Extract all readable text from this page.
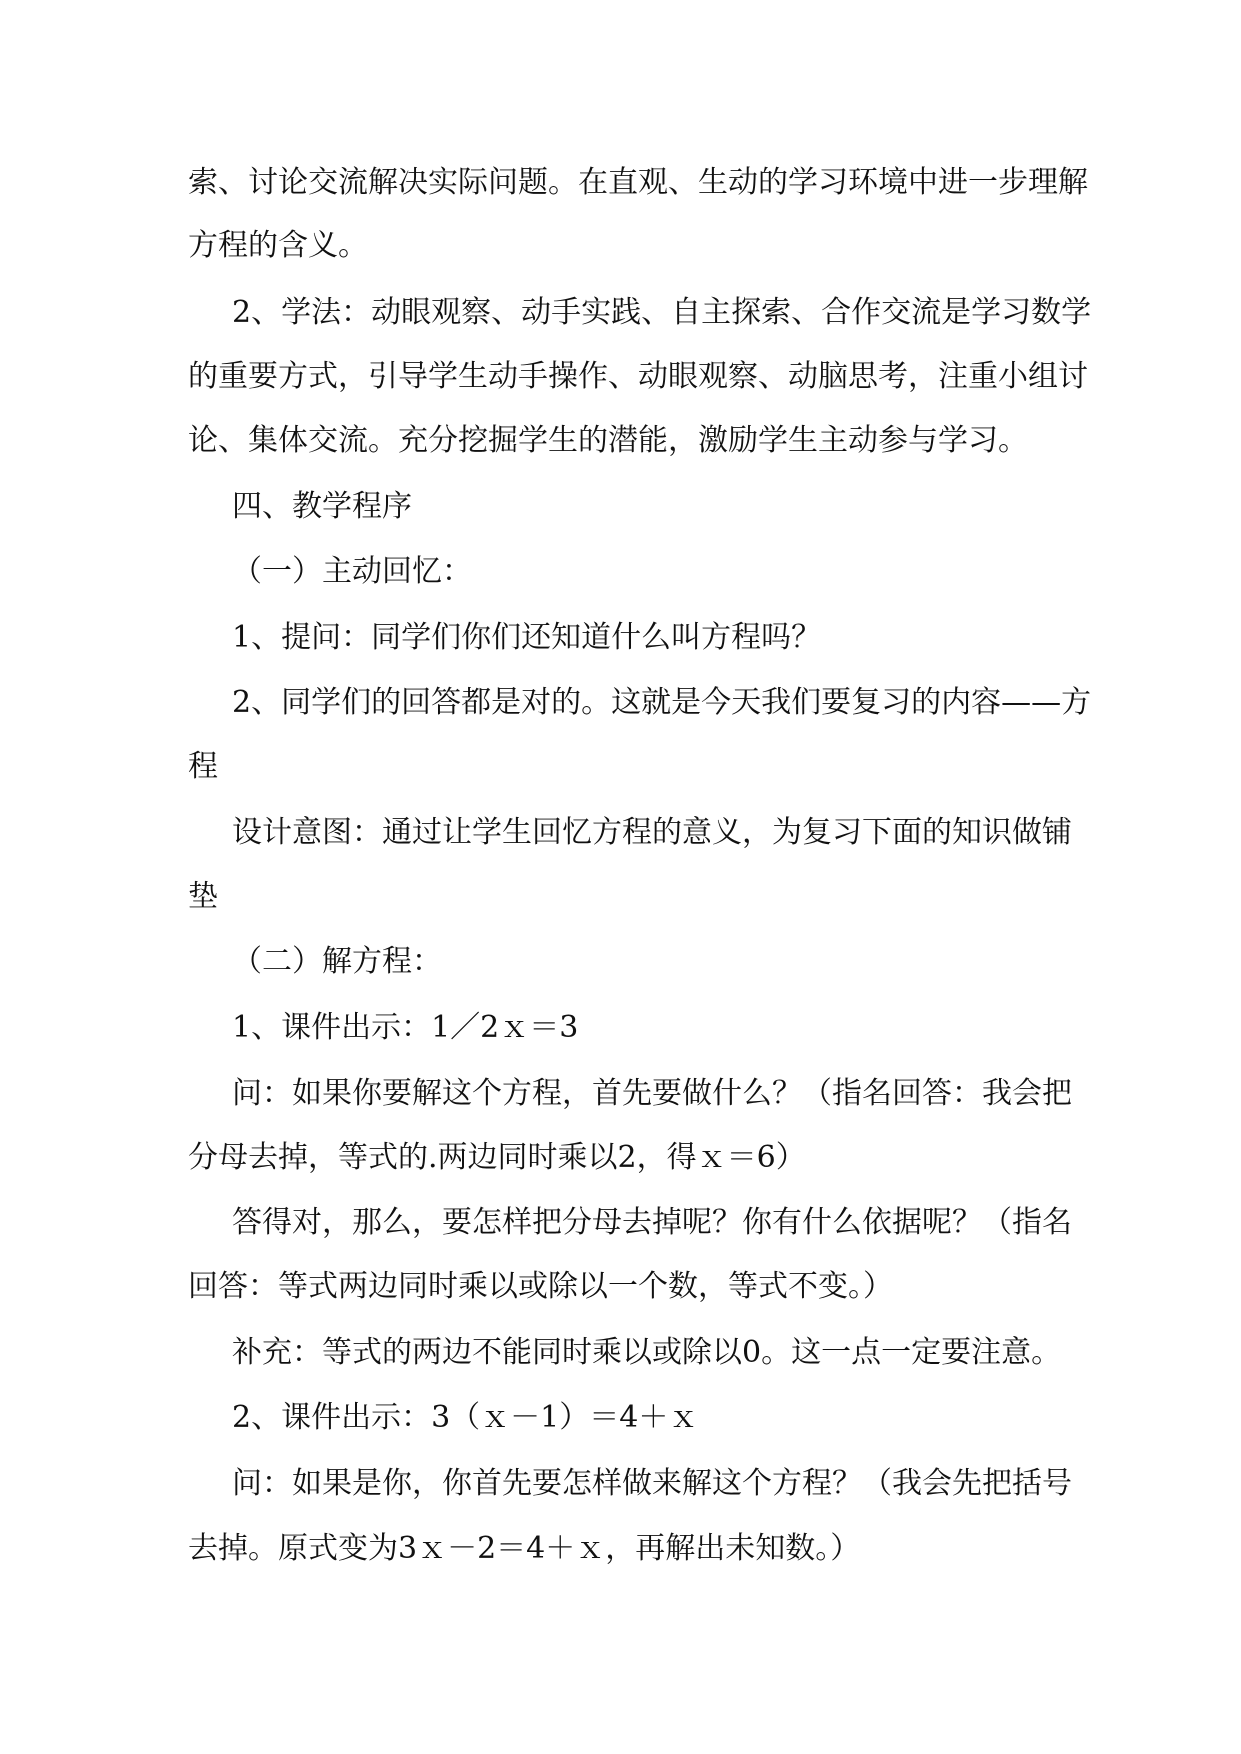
索、讨论交流解决实际问题。在直观、生动的学习环境中进一步理解
方程的含义。
2、学法：动眼观察、动手实践、自主探索、合作交流是学习数学
的重要方式，引导学生动手操作、动眼观察、动脑思考，注重小组讨
论、集体交流。充分挖掘学生的潜能，激励学生主动参与学习。
四、教学程序
（一）主动回忆：
1、提问：同学们你们还知道什么叫方程吗？
2、同学们的回答都是对的。这就是今天我们要复习的内容——方
程
设计意图：通过让学生回忆方程的意义，为复习下面的知识做铺
垫
（二）解方程：
1、课件出示：1／2ｘ＝3
问：如果你要解这个方程，首先要做什么？（指名回答：我会把
分母去掉，等式的.两边同时乘以2，得ｘ＝6）
答得对，那么，要怎样把分母去掉呢？你有什么依据呢？（指名
回答：等式两边同时乘以或除以一个数，等式不变。）
补充：等式的两边不能同时乘以或除以0。这一点一定要注意。
2、课件出示：3（ｘ－1）＝4＋ｘ
问：如果是你，你首先要怎样做来解这个方程？（我会先把括号
去掉。原式变为3ｘ－2＝4＋ｘ，再解出未知数。）
